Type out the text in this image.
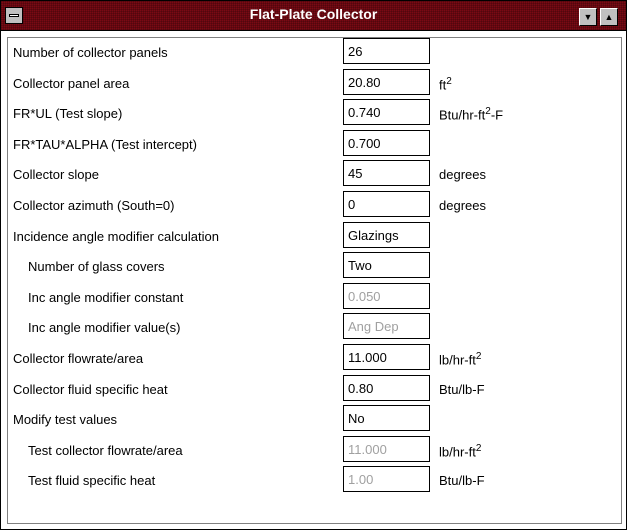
Flat-Plate Collector	▼	▲
Number of collector panels	26
Collector panel area	20.80	$ft^2$
FR*UL (Test slope)	0.740	Btu/$hr-ft^2-F$
FR*TAU*ALPHA (Test intercept)	0.700
Collector slope	45	degrees
Collector azimuth (South=0)	0	degrees
Incidence angle modifier calculation	Glazings
Number of glass covers	Two
Inc angle modifier constant	0.050
Inc angle modifier value(s)	Ang Dep
Collector flowrate/area	11.000	$lb/hr-ft^2$
Collector fluid specific heat	0.80	Btu/lb-F
Modify test values	No
Test collector flowrate/area	11.000	$lb/hr-ft^2$
Test fluid specific heat	1.00	Btu/lb-F
